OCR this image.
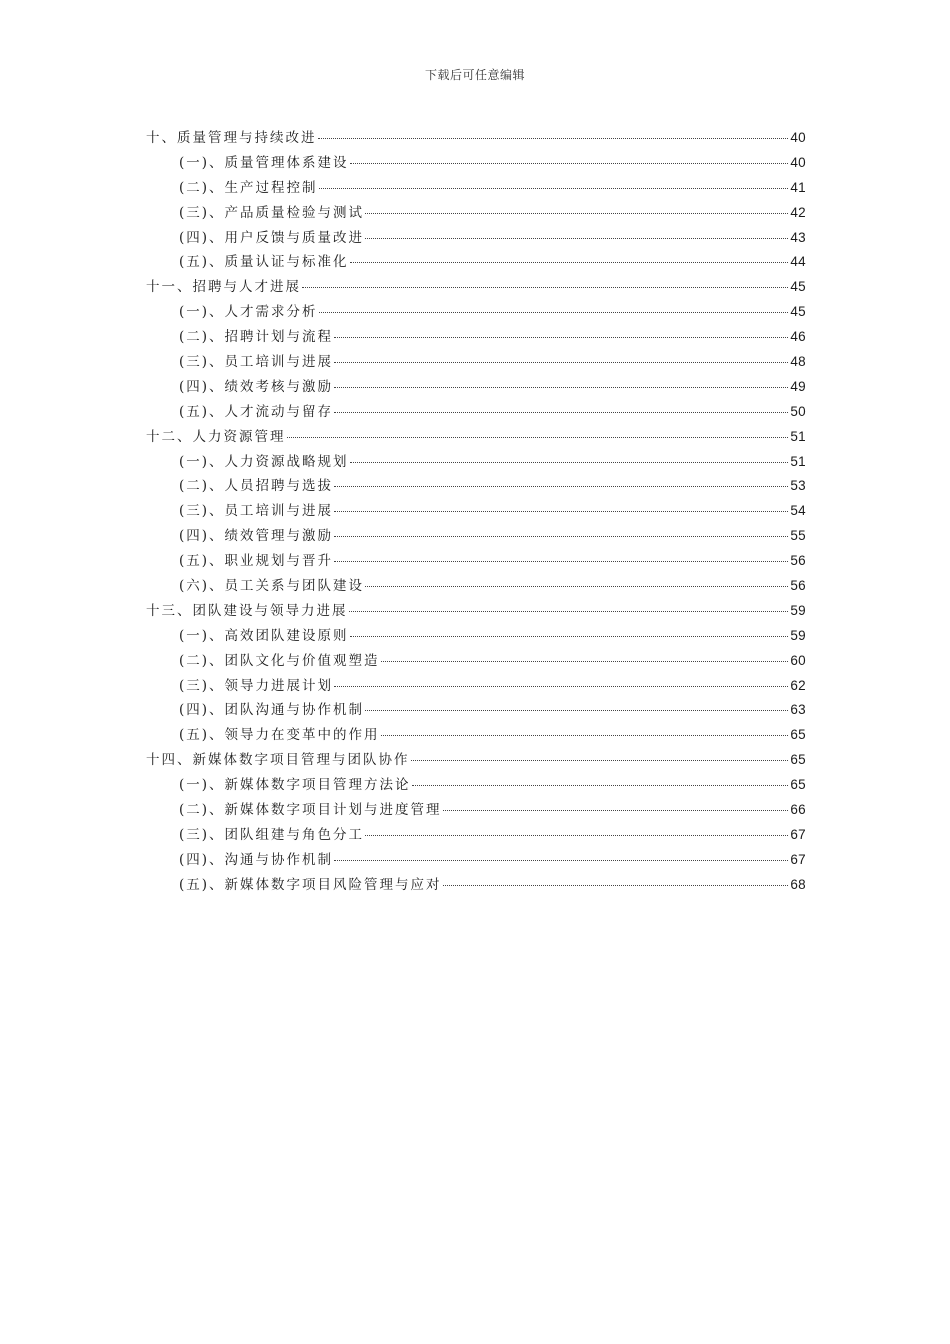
下载后可任意编辑
十、质量管理与持续改进	40
(一)、质量管理体系建设	40
(二)、生产过程控制	41
(三)、产品质量检验与测试	42
(四)、用户反馈与质量改进	43
(五)、质量认证与标准化	44
十一、招聘与人才进展	45
(一)、人才需求分析	45
(二)、招聘计划与流程	46
(三)、员工培训与进展	48
(四)、绩效考核与激励	49
(五)、人才流动与留存	50
十二、人力资源管理	51
(一)、人力资源战略规划	51
(二)、人员招聘与选拔	53
(三)、员工培训与进展	54
(四)、绩效管理与激励	55
(五)、职业规划与晋升	56
(六)、员工关系与团队建设	56
十三、团队建设与领导力进展	59
(一)、高效团队建设原则	59
(二)、团队文化与价值观塑造	60
(三)、领导力进展计划	62
(四)、团队沟通与协作机制	63
(五)、领导力在变革中的作用	65
十四、新媒体数字项目管理与团队协作	65
(一)、新媒体数字项目管理方法论	65
(二)、新媒体数字项目计划与进度管理	66
(三)、团队组建与角色分工	67
(四)、沟通与协作机制	67
(五)、新媒体数字项目风险管理与应对	68
